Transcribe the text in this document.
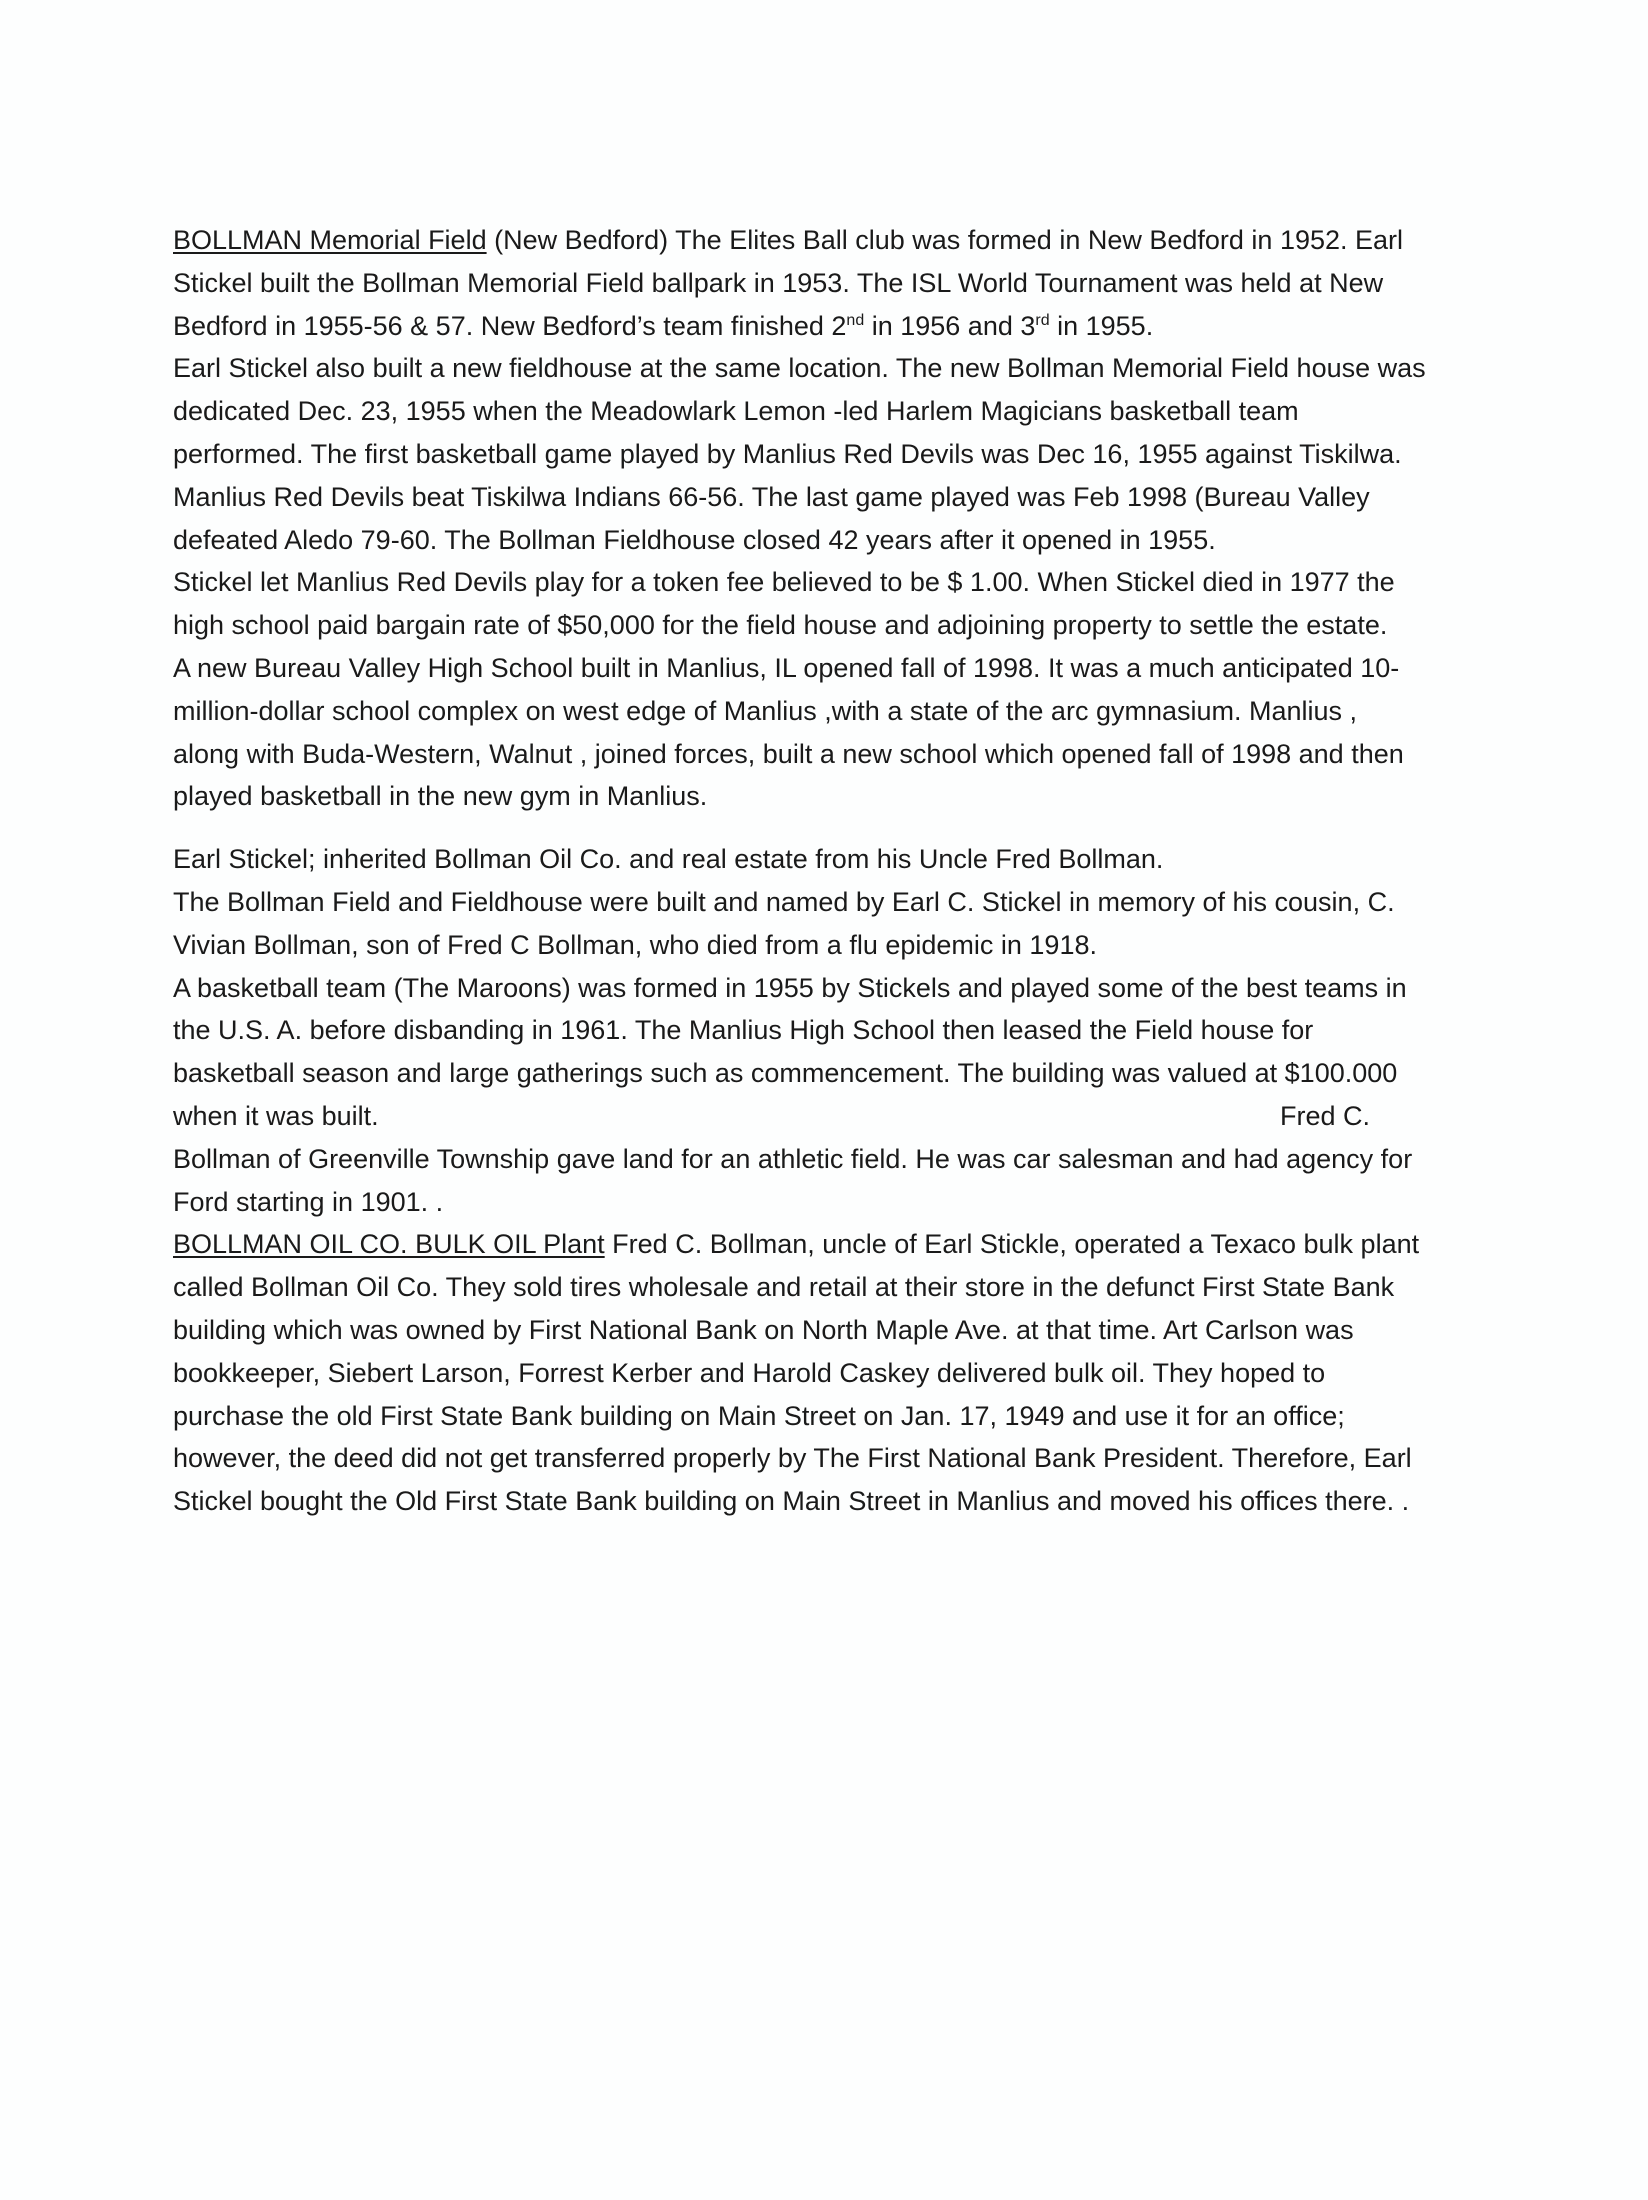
BOLLMAN Memorial Field (New Bedford) The Elites Ball club was formed in New Bedford in 1952. Earl
Stickel built the Bollman Memorial Field ballpark in 1953. The ISL World Tournament was held at New
Bedford in 1955-56 & 57. New Bedford’s team finished 2nd in 1956 and 3rd in 1955.
Earl Stickel also built a new fieldhouse at the same location. The new Bollman Memorial Field house was
dedicated Dec. 23, 1955 when the Meadowlark Lemon -led Harlem Magicians basketball team
performed. The first basketball game played by Manlius Red Devils was Dec 16, 1955 against Tiskilwa.
Manlius Red Devils beat Tiskilwa Indians 66-56. The last game played was Feb 1998 (Bureau Valley
defeated Aledo 79-60. The Bollman Fieldhouse closed 42 years after it opened in 1955.
Stickel let Manlius Red Devils play for a token fee believed to be $ 1.00. When Stickel died in 1977 the
high school paid bargain rate of $50,000 for the field house and adjoining property to settle the estate.
A new Bureau Valley High School built in Manlius, IL opened fall of 1998. It was a much anticipated 10-
million-dollar school complex on west edge of Manlius ,with a state of the arc gymnasium. Manlius ,
along with Buda-Western, Walnut , joined forces, built a new school which opened fall of 1998 and then
played basketball in the new gym in Manlius.
Earl Stickel; inherited Bollman Oil Co. and real estate from his Uncle Fred Bollman.
The Bollman Field and Fieldhouse were built and named by Earl C. Stickel in memory of his cousin, C.
Vivian Bollman, son of Fred C Bollman, who died from a flu epidemic in 1918.
A basketball team (The Maroons) was formed in 1955 by Stickels and played some of the best teams in
the U.S. A. before disbanding in 1961. The Manlius High School then leased the Field house for
basketball season and large gatherings such as commencement. The building was valued at $100.000
when it was built.	Fred C.
Bollman of Greenville Township gave land for an athletic field. He was car salesman and had agency for
Ford starting in 1901. .
BOLLMAN OIL CO. BULK OIL Plant Fred C. Bollman, uncle of Earl Stickle, operated a Texaco bulk plant
called Bollman Oil Co. They sold tires wholesale and retail at their store in the defunct First State Bank
building which was owned by First National Bank on North Maple Ave. at that time. Art Carlson was
bookkeeper, Siebert Larson, Forrest Kerber and Harold Caskey delivered bulk oil. They hoped to
purchase the old First State Bank building on Main Street on Jan. 17, 1949 and use it for an office;
however, the deed did not get transferred properly by The First National Bank President. Therefore, Earl
Stickel bought the Old First State Bank building on Main Street in Manlius and moved his offices there. .
